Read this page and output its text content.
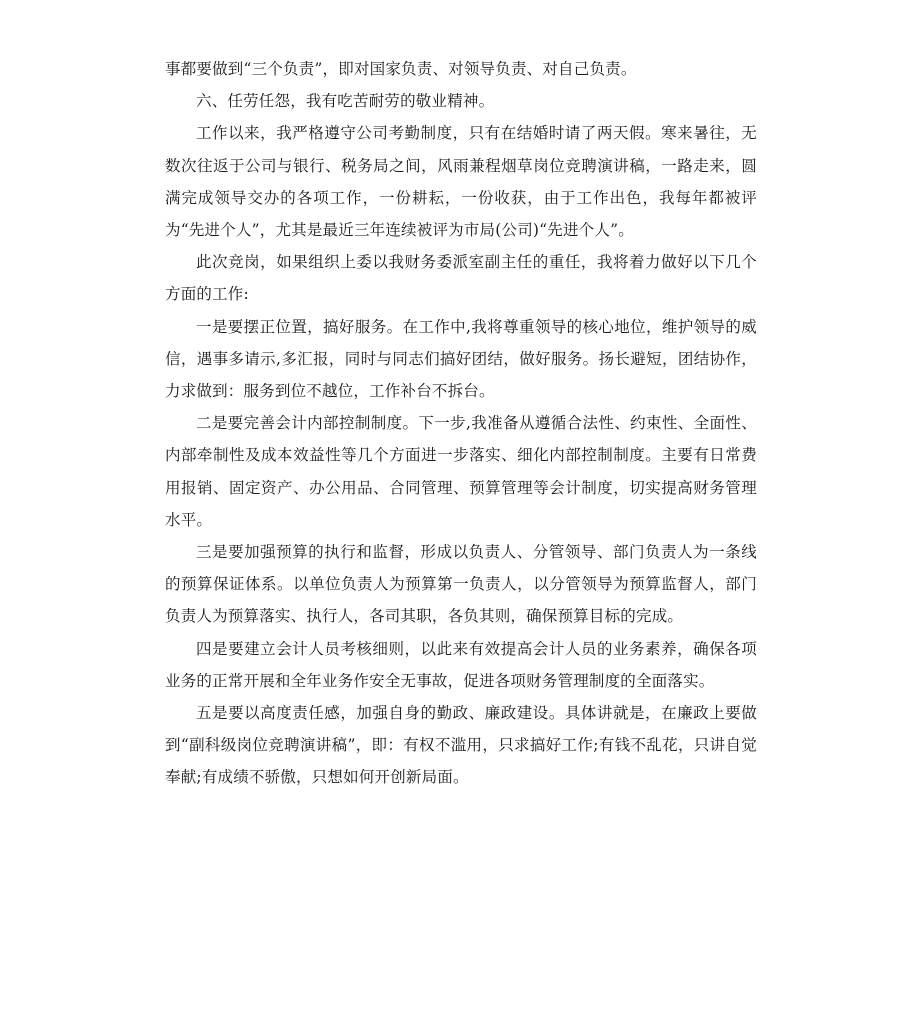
事都要做到“三个负责”，即对国家负责、对领导负责、对自己负责。

六、任劳任怨，我有吃苦耐劳的敬业精神。

工作以来，我严格遵守公司考勤制度，只有在结婚时请了两天假。寒来暑往，无数次往返于公司与银行、税务局之间，风雨兼程烟草岗位竞聘演讲稿，一路走来，圆满完成领导交办的各项工作，一份耕耘，一份收获，由于工作出色，我每年都被评为“先进个人”，尤其是最近三年连续被评为市局(公司)“先进个人”。

此次竞岗，如果组织上委以我财务委派室副主任的重任，我将着力做好以下几个方面的工作:

一是要摆正位置，搞好服务。在工作中,我将尊重领导的核心地位，维护领导的威信，遇事多请示,多汇报，同时与同志们搞好团结，做好服务。扬长避短，团结协作，力求做到：服务到位不越位，工作补台不拆台。

二是要完善会计内部控制制度。下一步,我准备从遵循合法性、约束性、全面性、内部牵制性及成本效益性等几个方面进一步落实、细化内部控制制度。主要有日常费用报销、固定资产、办公用品、合同管理、预算管理等会计制度，切实提高财务管理水平。

三是要加强预算的执行和监督，形成以负责人、分管领导、部门负责人为一条线的预算保证体系。以单位负责人为预算第一负责人，以分管领导为预算监督人，部门负责人为预算落实、执行人，各司其职，各负其则，确保预算目标的完成。

四是要建立会计人员考核细则，以此来有效提高会计人员的业务素养，确保各项业务的正常开展和全年业务作安全无事故，促进各项财务管理制度的全面落实。

五是要以高度责任感，加强自身的勤政、廉政建设。具体讲就是，在廉政上要做到“副科级岗位竞聘演讲稿”，即：有权不滥用，只求搞好工作;有钱不乱花，只讲自觉奉献;有成绩不骄傲，只想如何开创新局面。
